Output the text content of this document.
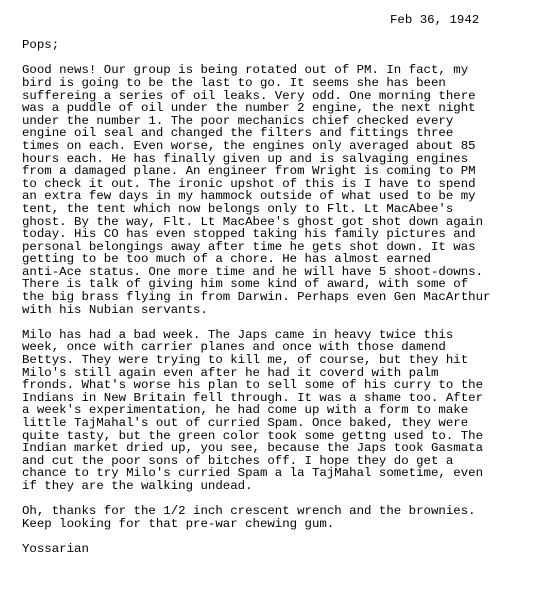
Feb 36, 1942
Pops;
Good news! Our group is being rotated out of PM. In fact, my
bird is going to be the last to go. It seems she has been
suffereing a series of oil leaks. Very odd. One morning there
was a puddle of oil under the number 2 engine, the next night
under the number 1. The poor mechanics chief checked every
engine oil seal and changed the filters and fittings three
times on each. Even worse, the engines only averaged about 85
hours each. He has finally given up and is salvaging engines
from a damaged plane. An engineer from Wright is coming to PM
to check it out. The ironic upshot of this is I have to spend
an extra few days in my hammock outside of what used to be my
tent, the tent which now belongs only to Flt. Lt MacAbee's
ghost. By the way, Flt. Lt MacAbee's ghost got shot down again
today. His CO has even stopped taking his family pictures and
personal belongings away after time he gets shot down. It was
getting to be too much of a chore. He has almost earned
anti-Ace status. One more time and he will have 5 shoot-downs.
There is talk of giving him some kind of award, with some of
the big brass flying in from Darwin. Perhaps even Gen MacArthur
with his Nubian servants.
Milo has had a bad week. The Japs came in heavy twice this
week, once with carrier planes and once with those damend
Bettys. They were trying to kill me, of course, but they hit
Milo's still again even after he had it coverd with palm
fronds. What's worse his plan to sell some of his curry to the
Indians in New Britain fell through. It was a shame too. After
a week's experimentation, he had come up with a form to make
little TajMahal's out of curried Spam. Once baked, they were
quite tasty, but the green color took some gettng used to. The
Indian market dried up, you see, because the Japs took Gasmata
and cut the poor sons of bitches off. I hope they do get a
chance to try Milo's curried Spam a la TajMahal sometime, even
if they are the walking undead.
Oh, thanks for the 1/2 inch crescent wrench and the brownies.
Keep looking for that pre-war chewing gum.
Yossarian
